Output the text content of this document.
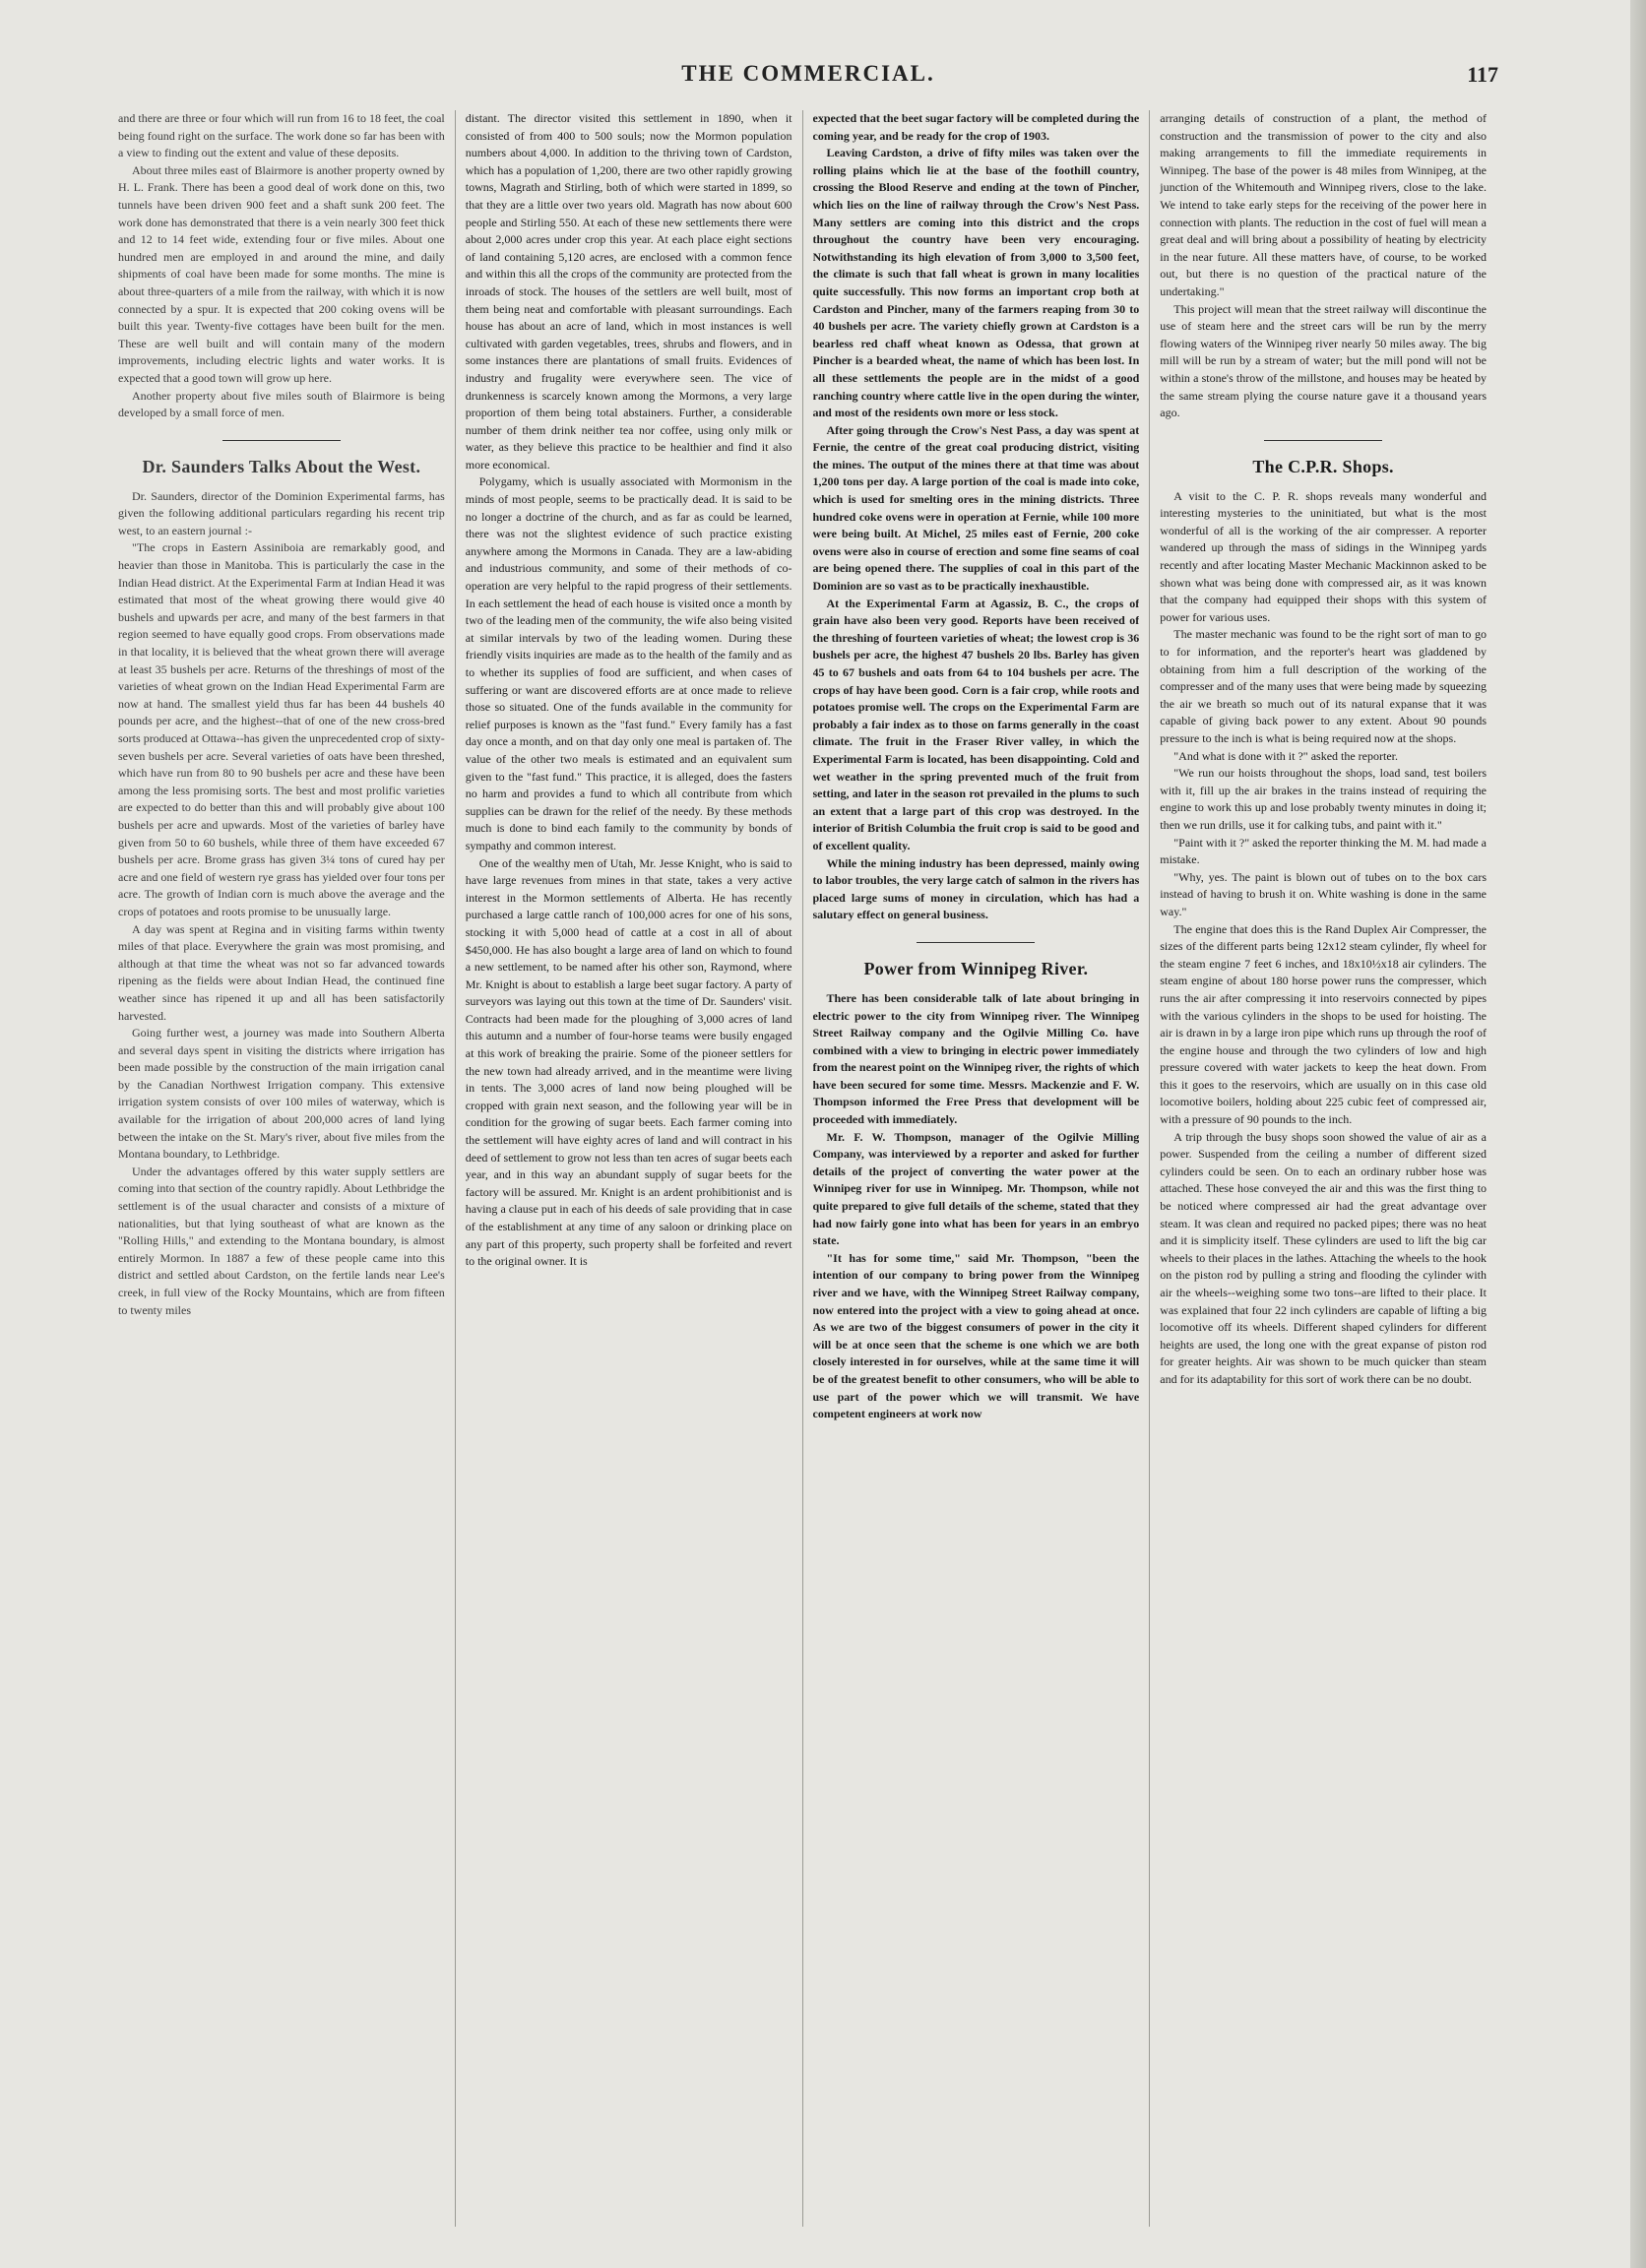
THE COMMERCIAL.	117

and there are three or four which will run from 16 to 18 feet, the coal being found right on the surface. The work done so far has been with a view to finding out the extent and value of these deposits.

About three miles east of Blairmore is another property owned by H. L. Frank. There has been a good deal of work done on this, two tunnels have been driven 900 feet and a shaft sunk 200 feet. The work done has demonstrated that there is a vein nearly 300 feet thick and 12 to 14 feet wide, extending four or five miles. About one hundred men are employed in and around the mine, and daily shipments of coal have been made for some months. The mine is about three-quarters of a mile from the railway, with which it is now connected by a spur. It is expected that 200 coking ovens will be built this year. Twenty-five cottages have been built for the men. These are well built and will contain many of the modern improvements, including electric lights and water works. It is expected that a good town will grow up here.

Another property about five miles south of Blairmore is being developed by a small force of men.

Dr. Saunders Talks About the West.

Dr. Saunders, director of the Dominion Experimental farms, has given the following additional particulars regarding his recent trip west, to an eastern journal :-

"The crops in Eastern Assiniboia are remarkably good, and heavier than those in Manitoba. This is particularly the case in the Indian Head district. At the Experimental Farm at Indian Head it was estimated that most of the wheat growing there would give 40 bushels and upwards per acre, and many of the best farmers in that region seemed to have equally good crops. From observations made in that locality, it is believed that the wheat grown there will average at least 35 bushels per acre. Returns of the threshings of most of the varieties of wheat grown on the Indian Head Experimental Farm are now at hand. The smallest yield thus far has been 44 bushels 40 pounds per acre, and the highest--that of one of the new cross-bred sorts produced at Ottawa--has given the unprecedented crop of sixty-seven bushels per acre. Several varieties of oats have been threshed, which have run from 80 to 90 bushels per acre and these have been among the less promising sorts. The best and most prolific varieties are expected to do better than this and will probably give about 100 bushels per acre and upwards. Most of the varieties of barley have given from 50 to 60 bushels, while three of them have exceeded 67 bushels per acre. Brome grass has given 3¼ tons of cured hay per acre and one field of western rye grass has yielded over four tons per acre. The growth of Indian corn is much above the average and the crops of potatoes and roots promise to be unusually large.

A day was spent at Regina and in visiting farms within twenty miles of that place. Everywhere the grain was most promising, and although at that time the wheat was not so far advanced towards ripening as the fields were about Indian Head, the continued fine weather since has ripened it up and all has been satisfactorily harvested.

Going further west, a journey was made into Southern Alberta and several days spent in visiting the districts where irrigation has been made possible by the construction of the main irrigation canal by the Canadian Northwest Irrigation company. This extensive irrigation system consists of over 100 miles of waterway, which is available for the irrigation of about 200,000 acres of land lying between the intake on the St. Mary's river, about five miles from the Montana boundary, to Lethbridge.

Under the advantages offered by this water supply settlers are coming into that section of the country rapidly. About Lethbridge the settlement is of the usual character and consists of a mixture of nationalities, but that lying southeast of what are known as the "Rolling Hills," and extending to the Montana boundary, is almost entirely Mormon. In 1887 a few of these people came into this district and settled about Cardston, on the fertile lands near Lee's creek, in full view of the Rocky Mountains, which are from fifteen to twenty miles

distant. The director visited this settlement in 1890, when it consisted of from 400 to 500 souls; now the Mormon population numbers about 4,000. In addition to the thriving town of Cardston, which has a population of 1,200, there are two other rapidly growing towns, Magrath and Stirling, both of which were started in 1899, so that they are a little over two years old. Magrath has now about 600 people and Stirling 550. At each of these new settlements there were about 2,000 acres under crop this year. At each place eight sections of land containing 5,120 acres, are enclosed with a common fence and within this all the crops of the community are protected from the inroads of stock. The houses of the settlers are well built, most of them being neat and comfortable with pleasant surroundings. Each house has about an acre of land, which in most instances is well cultivated with garden vegetables, trees, shrubs and flowers, and in some instances there are plantations of small fruits. Evidences of industry and frugality were everywhere seen. The vice of drunkenness is scarcely known among the Mormons, a very large proportion of them being total abstainers. Further, a considerable number of them drink neither tea nor coffee, using only milk or water, as they believe this practice to be healthier and find it also more economical.

Polygamy, which is usually associated with Mormonism in the minds of most people, seems to be practically dead. It is said to be no longer a doctrine of the church, and as far as could be learned, there was not the slightest evidence of such practice existing anywhere among the Mormons in Canada. They are a law-abiding and industrious community, and some of their methods of co-operation are very helpful to the rapid progress of their settlements. In each settlement the head of each house is visited once a month by two of the leading men of the community, the wife also being visited at similar intervals by two of the leading women. During these friendly visits inquiries are made as to the health of the family and as to whether its supplies of food are sufficient, and when cases of suffering or want are discovered efforts are at once made to relieve those so situated. One of the funds available in the community for relief purposes is known as the "fast fund." Every family has a fast day once a month, and on that day only one meal is partaken of. The value of the other two meals is estimated and an equivalent sum given to the "fast fund." This practice, it is alleged, does the fasters no harm and provides a fund to which all contribute from which supplies can be drawn for the relief of the needy. By these methods much is done to bind each family to the community by bonds of sympathy and common interest.

One of the wealthy men of Utah, Mr. Jesse Knight, who is said to have large revenues from mines in that state, takes a very active interest in the Mormon settlements of Alberta. He has recently purchased a large cattle ranch of 100,000 acres for one of his sons, stocking it with 5,000 head of cattle at a cost in all of about $450,000. He has also bought a large area of land on which to found a new settlement, to be named after his other son, Raymond, where Mr. Knight is about to establish a large beet sugar factory. A party of surveyors was laying out this town at the time of Dr. Saunders' visit. Contracts had been made for the ploughing of 3,000 acres of land this autumn and a number of four-horse teams were busily engaged at this work of breaking the prairie. Some of the pioneer settlers for the new town had already arrived, and in the meantime were living in tents. The 3,000 acres of land now being ploughed will be cropped with grain next season, and the following year will be in condition for the growing of sugar beets. Each farmer coming into the settlement will have eighty acres of land and will contract in his deed of settlement to grow not less than ten acres of sugar beets each year, and in this way an abundant supply of sugar beets for the factory will be assured. Mr. Knight is an ardent prohibitionist and is having a clause put in each of his deeds of sale providing that in case of the establishment at any time of any saloon or drinking place on any part of this property, such property shall be forfeited and revert to the original owner. It is

expected that the beet sugar factory will be completed during the coming year, and be ready for the crop of 1903.

Leaving Cardston, a drive of fifty miles was taken over the rolling plains which lie at the base of the foothill country, crossing the Blood Reserve and ending at the town of Pincher, which lies on the line of railway through the Crow's Nest Pass. Many settlers are coming into this district and the crops throughout the country have been very encouraging. Notwithstanding its high elevation of from 3,000 to 3,500 feet, the climate is such that fall wheat is grown in many localities quite successfully. This now forms an important crop both at Cardston and Pincher, many of the farmers reaping from 30 to 40 bushels per acre. The variety chiefly grown at Cardston is a bearless red chaff wheat known as Odessa, that grown at Pincher is a bearded wheat, the name of which has been lost. In all these settlements the people are in the midst of a good ranching country where cattle live in the open during the winter, and most of the residents own more or less stock.

After going through the Crow's Nest Pass, a day was spent at Fernie, the centre of the great coal producing district, visiting the mines. The output of the mines there at that time was about 1,200 tons per day. A large portion of the coal is made into coke, which is used for smelting ores in the mining districts. Three hundred coke ovens were in operation at Fernie, while 100 more were being built. At Michel, 25 miles east of Fernie, 200 coke ovens were also in course of erection and some fine seams of coal are being opened there. The supplies of coal in this part of the Dominion are so vast as to be practically inexhaustible.

At the Experimental Farm at Agassiz, B. C., the crops of grain have also been very good. Reports have been received of the threshing of fourteen varieties of wheat; the lowest crop is 36 bushels per acre, the highest 47 bushels 20 lbs. Barley has given 45 to 67 bushels and oats from 64 to 104 bushels per acre. The crops of hay have been good. Corn is a fair crop, while roots and potatoes promise well. The crops on the Experimental Farm are probably a fair index as to those on farms generally in the coast climate. The fruit in the Fraser River valley, in which the Experimental Farm is located, has been disappointing. Cold and wet weather in the spring prevented much of the fruit from setting, and later in the season rot prevailed in the plums to such an extent that a large part of this crop was destroyed. In the interior of British Columbia the fruit crop is said to be good and of excellent quality.

While the mining industry has been depressed, mainly owing to labor troubles, the very large catch of salmon in the rivers has placed large sums of money in circulation, which has had a salutary effect on general business.

Power from Winnipeg River.

There has been considerable talk of late about bringing in electric power to the city from Winnipeg river. The Winnipeg Street Railway company and the Ogilvie Milling Co. have combined with a view to bringing in electric power immediately from the nearest point on the Winnipeg river, the rights of which have been secured for some time. Messrs. Mackenzie and F. W. Thompson informed the Free Press that development will be proceeded with immediately.

Mr. F. W. Thompson, manager of the Ogilvie Milling Company, was interviewed by a reporter and asked for further details of the project of converting the water power at the Winnipeg river for use in Winnipeg. Mr. Thompson, while not quite prepared to give full details of the scheme, stated that they had now fairly gone into what has been for years in an embryo state.

"It has for some time," said Mr. Thompson, "been the intention of our company to bring power from the Winnipeg river and we have, with the Winnipeg Street Railway company, now entered into the project with a view to going ahead at once. As we are two of the biggest consumers of power in the city it will be at once seen that the scheme is one which we are both closely interested in for ourselves, while at the same time it will be of the greatest benefit to other consumers, who will be able to use part of the power which we will transmit. We have competent engineers at work now

arranging details of construction of a plant, the method of construction and the transmission of power to the city and also making arrangements to fill the immediate requirements in Winnipeg. The base of the power is 48 miles from Winnipeg, at the junction of the Whitemouth and Winnipeg rivers, close to the lake. We intend to take early steps for the receiving of the power here in connection with plants. The reduction in the cost of fuel will mean a great deal and will bring about a possibility of heating by electricity in the near future. All these matters have, of course, to be worked out, but there is no question of the practical nature of the undertaking."

This project will mean that the street railway will discontinue the use of steam here and the street cars will be run by the merry flowing waters of the Winnipeg river nearly 50 miles away. The big mill will be run by a stream of water; but the mill pond will not be within a stone's throw of the millstone, and houses may be heated by the same stream plying the course nature gave it a thousand years ago.

The C.P.R. Shops.

A visit to the C. P. R. shops reveals many wonderful and interesting mysteries to the uninitiated, but what is the most wonderful of all is the working of the air compresser. A reporter wandered up through the mass of sidings in the Winnipeg yards recently and after locating Master Mechanic Mackinnon asked to be shown what was being done with compressed air, as it was known that the company had equipped their shops with this system of power for various uses.

The master mechanic was found to be the right sort of man to go to for information, and the reporter's heart was gladdened by obtaining from him a full description of the working of the compresser and of the many uses that were being made by squeezing the air we breath so much out of its natural expanse that it was capable of giving back power to any extent. About 90 pounds pressure to the inch is what is being required now at the shops.

"And what is done with it ?" asked the reporter.

"We run our hoists throughout the shops, load sand, test boilers with it, fill up the air brakes in the trains instead of requiring the engine to work this up and lose probably twenty minutes in doing it; then we run drills, use it for calking tubs, and paint with it."

"Paint with it ?" asked the reporter thinking the M. M. had made a mistake.

"Why, yes. The paint is blown out of tubes on to the box cars instead of having to brush it on. White washing is done in the same way."

The engine that does this is the Rand Duplex Air Compresser, the sizes of the different parts being 12x12 steam cylinder, fly wheel for the steam engine 7 feet 6 inches, and 18x10½x18 air cylinders. The steam engine of about 180 horse power runs the compresser, which runs the air after compressing it into reservoirs connected by pipes with the various cylinders in the shops to be used for hoisting. The air is drawn in by a large iron pipe which runs up through the roof of the engine house and through the two cylinders of low and high pressure covered with water jackets to keep the heat down. From this it goes to the reservoirs, which are usually on in this case old locomotive boilers, holding about 225 cubic feet of compressed air, with a pressure of 90 pounds to the inch.

A trip through the busy shops soon showed the value of air as a power. Suspended from the ceiling a number of different sized cylinders could be seen. On to each an ordinary rubber hose was attached. These hose conveyed the air and this was the first thing to be noticed where compressed air had the great advantage over steam. It was clean and required no packed pipes; there was no heat and it is simplicity itself. These cylinders are used to lift the big car wheels to their places in the lathes. Attaching the wheels to the hook on the piston rod by pulling a string and flooding the cylinder with air the wheels--weighing some two tons--are lifted to their place. It was explained that four 22 inch cylinders are capable of lifting a big locomotive off its wheels. Different shaped cylinders for different heights are used, the long one with the great expanse of piston rod for greater heights. Air was shown to be much quicker than steam and for its adaptability for this sort of work there can be no doubt.
